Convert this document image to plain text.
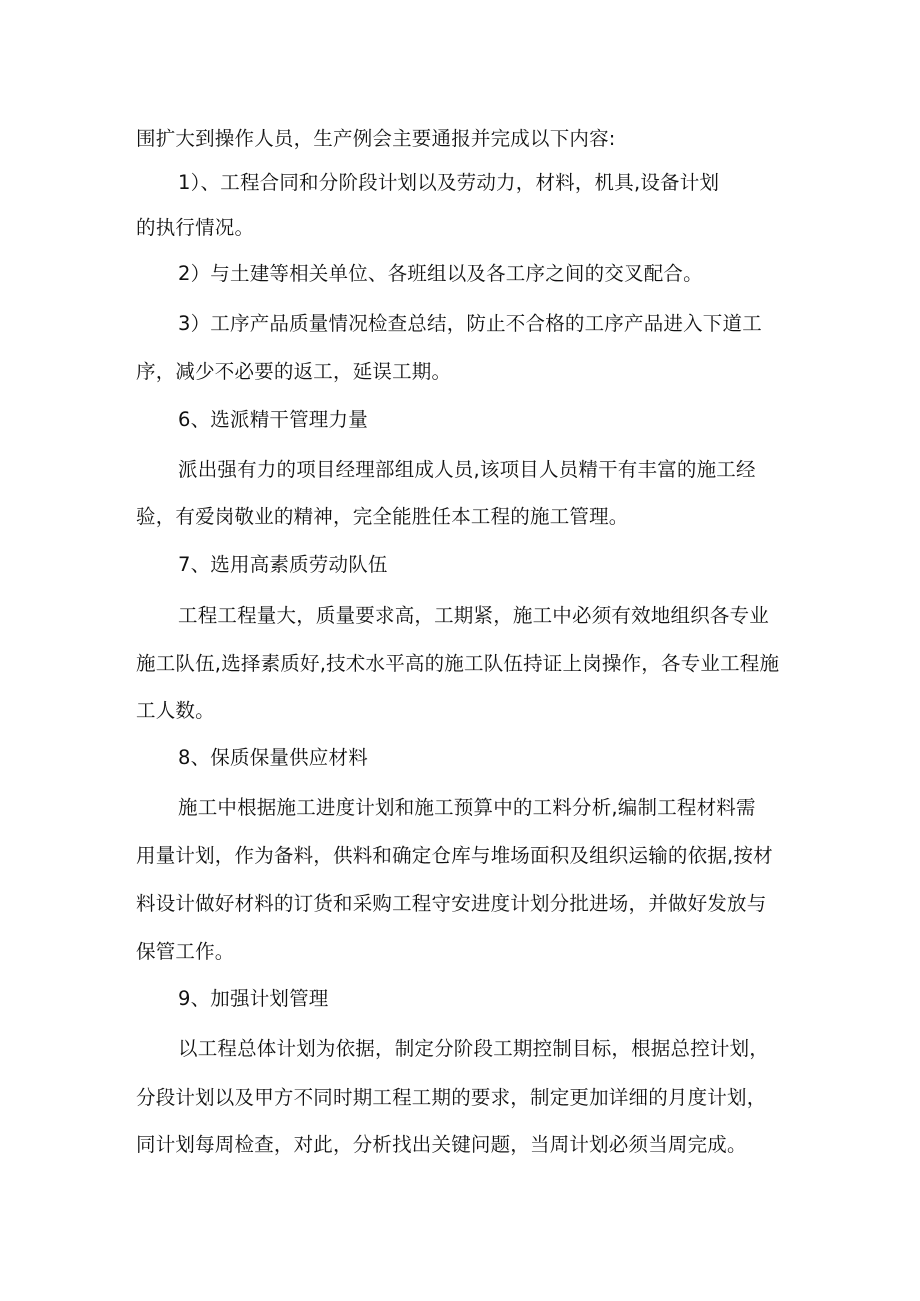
围扩大到操作人员，生产例会主要通报并完成以下内容:

1）、工程合同和分阶段计划以及劳动力，材料，机具,设备计划

的执行情况。

2）与土建等相关单位、各班组以及各工序之间的交叉配合。

3）工序产品质量情况检查总结，防止不合格的工序产品进入下道工

序，减少不必要的返工，延误工期。

6、选派精干管理力量

派出强有力的项目经理部组成人员,该项目人员精干有丰富的施工经

验，有爱岗敬业的精神，完全能胜任本工程的施工管理。

7、选用高素质劳动队伍

工程工程量大，质量要求高，工期紧，施工中必须有效地组织各专业

施工队伍,选择素质好,技术水平高的施工队伍持证上岗操作，各专业工程施

工人数。

8、保质保量供应材料

施工中根据施工进度计划和施工预算中的工料分析,编制工程材料需

用量计划，作为备料，供料和确定仓库与堆场面积及组织运输的依据,按材

料设计做好材料的订货和采购工程守安进度计划分批进场，并做好发放与

保管工作。

9、加强计划管理

以工程总体计划为依据，制定分阶段工期控制目标，根据总控计划，

分段计划以及甲方不同时期工程工期的要求，制定更加详细的月度计划，

同计划每周检查，对此，分析找出关键问题，当周计划必须当周完成。
